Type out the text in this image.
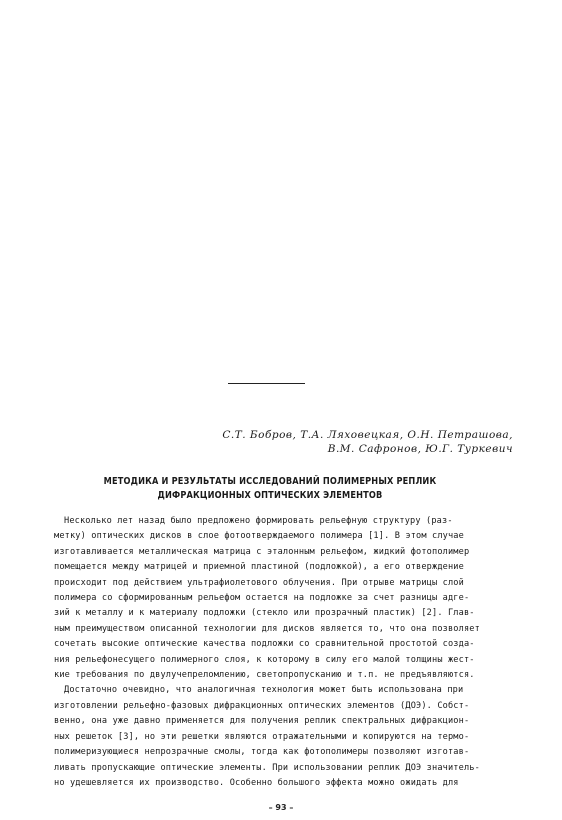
С.Т. Бобров, Т.А. Ляховецкая, О.Н. Петрашова,
В.М. Сафронов, Ю.Г. Туркевич
МЕТОДИКА И РЕЗУЛЬТАТЫ ИССЛЕДОВАНИЙ ПОЛИМЕРНЫХ РЕПЛИК
ДИФРАКЦИОННЫХ ОПТИЧЕСКИХ ЭЛЕМЕНТОВ
Несколько лет назад было предложено формировать рельефную структуру (раз-
метку) оптических дисков в слое фотоотверждаемого полимера [1]. В этом случае
изготавливается металлическая матрица с эталонным рельефом, жидкий фотополимер
помещается между матрицей и приемной пластиной (подложкой), а его отверждение
происходит под действием ультрафиолетового облучения. При отрыве матрицы слой
полимера со сформированным рельефом остается на подложке за счет разницы адге-
зий к металлу и к материалу подложки (стекло или прозрачный пластик) [2]. Глав-
ным преимуществом описанной технологии для дисков является то, что она позволяет
сочетать высокие оптические качества подложки со сравнительной простотой созда-
ния рельефонесущего полимерного слоя, к которому в силу его малой толщины жест-
кие требования по двулучепреломлению, светопропусканию и т.п. не предъявляются.
Достаточно очевидно, что аналогичная технология может быть использована при
изготовлении рельефно-фазовых дифракционных оптических элементов (ДОЭ). Собст-
венно, она уже давно применяется для получения реплик спектральных дифракцион-
ных решеток [3], но эти решетки являются отражательными и копируются на термо-
полимеризующиеся непрозрачные смолы, тогда как фотополимеры позволяют изготав-
ливать пропускающие оптические элементы. При использовании реплик ДОЭ значитель-
но удешевляется их производство. Особенно большого эффекта можно ожидать для
– 93 –
